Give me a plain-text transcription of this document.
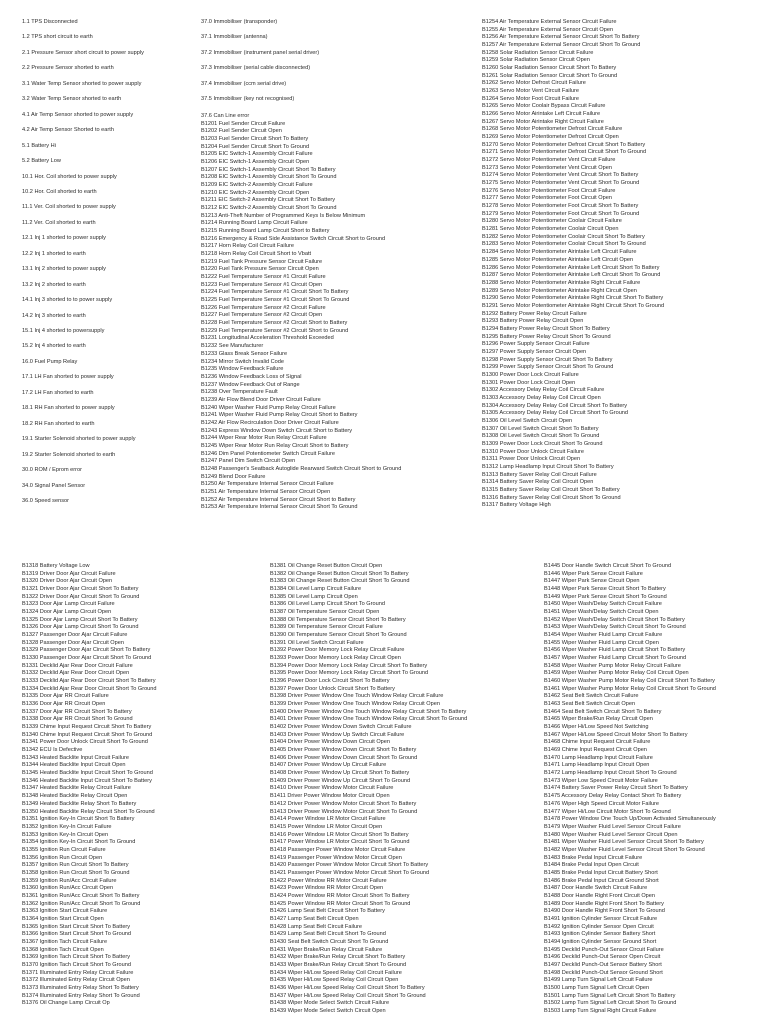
1.1 TPS Disconnected
1.2 TPS short circuit to earth
2.1 Pressure Sensor short circuit to power supply
2.2 Pressure Sensor shorted to earth
3.1 Water Temp Sensor shorted to power supply
3.2 Water Temp Sensor shorted to earth
4.1 Air Temp Sensor shorted to power supply
4.2 Air Temp Sensor Shorted to earth
5.1 Battery Hi
5.2 Battery Low
10.1 Hor. Coil shorted to power supply
10.2 Hor. Coil shorted to earth
11.1 Ver. Coil shorted to power supply
11.2 Ver. Coil shorted to earth
12.1 Inj 1 shorted to power supply
12.2 Inj 1 shorted to earth
13.1 Inj 2 shorted to power supply
13.2 Inj 2 shorted to earth
14.1 Inj 3 shorted to to power supply
14.2 Inj 3 shorted to earth
15.1 Inj 4 shorted to powersupply
15.2 Inj 4 shorted to earth
16.0 Fuel Pump Relay
17.1 LH Fan shorted to power supply
17.2 LH Fan shorted to earth
18.1 RH Fan shorted to power supply
18.2 RH Fan shorted to earth
19.1 Starter Solenoid shorted to power supply
19.2 Starter Solenoid shorted to earth
30.0 ROM / Eprom error
34.0 Signal Panel Sensor
36.0 Speed sensor
37.0 Immobiliser (transponder)
37.1 Immobiliser (antenna)
37.2 Immobiliser (instrument panel serial driver)
37.3 Immobiliser (serial cable disconnected)
37.4 Immobiliser (ccm serial drive)
37.5 Immobiliser (key not recognised)
37.6 Can Line error
B1201 Fuel Sender Circuit Failure
B1202 Fuel Sender Circuit Open
B1203 Fuel Sender Circuit Short To Battery
B1204 Fuel Sender Circuit Short To Ground
B1205 EIC Switch-1 Assembly Circuit Failure
B1206 EIC Switch-1 Assembly Circuit Open
B1207 EIC Switch-1 Assembly Circuit Short To Battery
B1208 EIC Switch-1 Assembly Circuit Short To Ground
B1209 EIC Switch-2 Assembly Circuit Failure
B1210 EIC Switch-2 Assembly Circuit Open
B1211 EIC Switch-2 Assembly Circuit Short To Battery
B1212 EIC Switch-2 Assembly Circuit Short To Ground
B1213 Anti-Theft Number of Programmed Keys Is Below Minimum
B1214 Running Board Lamp Circuit Failure
B1215 Running Board Lamp Circuit Short to Battery
B1216 Emergency & Road Side Assistance Switch Circuit Short to Ground
B1217 Horn Relay Coil Circuit Failure
B1218 Horn Relay Coil Circuit Short to Vbatt
B1219 Fuel Tank Pressure Sensor Circuit Failure
B1220 Fuel Tank Pressure Sensor Circuit Open
B1222 Fuel Temperature Sensor #1 Circuit Failure
B1223 Fuel Temperature Sensor #1 Circuit Open
B1224 Fuel Temperature Sensor #1 Circuit Short To Battery
B1225 Fuel Temperature Sensor #1 Circuit Short To Ground
B1226 Fuel Temperature Sensor #2 Circuit Failure
B1227 Fuel Temperature Sensor #2 Circuit Open
B1228 Fuel Temperature Sensor #2 Circuit Short to Battery
B1229 Fuel Temperature Sensor #2 Circuit Short to Ground
B1231 Longitudinal Acceleration Threshold Exceeded
B1232 See Manufacturer
B1233 Glass Break Sensor Failure
B1234 Mirror Switch Invalid Code
B1235 Window Feedback Failure
B1236 Window Feedback Loss of Signal
B1237 Window Feedback Out of Range
B1238 Over Temperature Fault
B1239 Air Flow Blend Door Driver Circuit Failure
B1240 Wiper Washer Fluid Pump Relay Circuit Failure
B1241 Wiper Washer Fluid Pump Relay Circuit Short to Battery
B1242 Air Flow Recirculation Door Driver Circuit Failure
B1243 Express Window Down Switch Circuit Short to Battery
B1244 Wiper Rear Motor Run Relay Circuit Failure
B1245 Wiper Rear Motor Run Relay Circuit Short to Battery
B1246 Dim Panel Potentiometer Switch Circuit Failure
B1247 Panel Dim Switch Circuit Open
B1248 Passenger's Seatback Autoglide Rearward Switch Circuit Short to Ground
B1249 Blend Door Failure
B1250 Air Temperature Internal Sensor Circuit Failure
B1251 Air Temperature Internal Sensor Circuit Open
B1252 Air Temperature Internal Sensor Circuit Short to Battery
B1253 Air Temperature Internal Sensor Circuit Short To Ground
B1254 Air Temperature External Sensor Circuit Failure
B1255 Air Temperature External Sensor Circuit Open
B1256 Air Temperature External Sensor Circuit Short To Battery
B1257 Air Temperature External Sensor Circuit Short To Ground
B1258 Solar Radiation Sensor Circuit Failure
B1259 Solar Radiation Sensor Circuit Open
B1260 Solar Radiation Sensor Circuit Short To Battery
B1261 Solar Radiation Sensor Circuit Short To Ground
B1262 Servo Motor Defrost Circuit Failure
B1263 Servo Motor Vent Circuit Failure
B1264 Servo Motor Foot Circuit Failure
B1265 Servo Motor Coolair Bypass Circuit Failure
B1266 Servo Motor Airintake Left Circuit Failure
B1267 Servo Motor Airintake Right Circuit Failure
B1268 Servo Motor Potentiometer Defrost Circuit Failure
B1269 Servo Motor Potentiometer Defrost Circuit Open
B1270 Servo Motor Potentiometer Defrost Circuit Short To Battery
B1271 Servo Motor Potentiometer Defrost Circuit Short To Ground
B1272 Servo Motor Potentiometer Vent Circuit Failure
B1273 Servo Motor Potentiometer Vent Circuit Open
B1274 Servo Motor Potentiometer Vent Circuit Short To Battery
B1275 Servo Motor Potentiometer Vent Circuit Short To Ground
B1276 Servo Motor Potentiometer Foot Circuit Failure
B1277 Servo Motor Potentiometer Foot Circuit Open
B1278 Servo Motor Potentiometer Foot Circuit Short To Battery
B1279 Servo Motor Potentiometer Foot Circuit Short To Ground
B1280 Servo Motor Potentiometer Coolair Circuit Failure
B1281 Servo Motor Potentiometer Coolair Circuit Open
B1282 Servo Motor Potentiometer Coolair Circuit Short To Battery
B1283 Servo Motor Potentiometer Coolair Circuit Short To Ground
B1284 Servo Motor Potentiometer Airintake Left Circuit Failure
B1285 Servo Motor Potentiometer Airintake Left Circuit Open
B1286 Servo Motor Potentiometer Airintake Left Circuit Short To Battery
B1287 Servo Motor Potentiometer Airintake Left Circuit Short To Ground
B1288 Servo Motor Potentiometer Airintake Right Circuit Failure
B1289 Servo Motor Potentiometer Airintake Right Circuit Open
B1290 Servo Motor Potentiometer Airintake Right Circuit Short To Battery
B1291 Servo Motor Potentiometer Airintake Right Circuit Short To Ground
B1292 Battery Power Relay Circuit Failure
B1293 Battery Power Relay Circuit Open
B1294 Battery Power Relay Circuit Short To Battery
B1295 Battery Power Relay Circuit Short To Ground
B1296 Power Supply Sensor Circuit Failure
B1297 Power Supply Sensor Circuit Open
B1298 Power Supply Sensor Circuit Short To Battery
B1299 Power Supply Sensor Circuit Short To Ground
B1300 Power Door Lock Circuit Failure
B1301 Power Door Lock Circuit Open
B1302 Accessory Delay Relay Coil Circuit Failure
B1303 Accessory Delay Relay Coil Circuit Open
B1304 Accessory Delay Relay Coil Circuit Short To Battery
B1305 Accessory Delay Relay Coil Circuit Short To Ground
B1306 Oil Level Switch Circuit Open
B1307 Oil Level Switch Circuit Short To Battery
B1308 Oil Level Switch Circuit Short To Ground
B1309 Power Door Lock Circuit Short To Ground
B1310 Power Door Unlock Circuit Failure
B1311 Power Door Unlock Circuit Open
B1312 Lamp Headlamp Input Circuit Short To Battery
B1313 Battery Saver Relay Coil Circuit Failure
B1314 Battery Saver Relay Coil Circuit Open
B1315 Battery Saver Relay Coil Circuit Short To Battery
B1316 Battery Saver Relay Coil Circuit Short To Ground
B1317 Battery Voltage High
B1318 Battery Voltage Low
B1319 Driver Door Ajar Circuit Failure
B1320 Driver Door Ajar Circuit Open
B1321 Driver Door Ajar Circuit Short To Battery
B1322 Driver Door Ajar Circuit Short To Ground
B1323 Door Ajar Lamp Circuit Failure
B1324 Door Ajar Lamp Circuit Open
B1325 Door Ajar Lamp Circuit Short To Battery
B1326 Door Ajar Lamp Circuit Short To Ground
B1327 Passenger Door Ajar Circuit Failure
B1328 Passenger Door Ajar Circuit Open
B1329 Passenger Door Ajar Circuit Short To Battery
B1330 Passenger Door Ajar Circuit Short To Ground
B1331 Decklid Ajar Rear Door Circuit Failure
B1332 Decklid Ajar Rear Door Circuit Open
B1333 Decklid Ajar Rear Door Circuit Short To Battery
B1334 Decklid Ajar Rear Door Circuit Short To Ground
B1335 Door Ajar RR Circuit Failure
B1336 Door Ajar RR Circuit Open
B1337 Door Ajar RR Circuit Short To Battery
B1338 Door Ajar RR Circuit Short To Ground
B1339 Chime Input Request Circuit Short To Battery
B1340 Chime Input Request Circuit Short To Ground
B1341 Power Door Unlock Circuit Short To Ground
B1342 ECU Is Defective
B1343 Heated Backlite Input Circuit Failure
B1344 Heated Backlite Input Circuit Open
B1345 Heated Backlite Input Circuit Short To Ground
B1346 Heated Backlite Input Circuit Short To Battery
B1347 Heated Backlite Relay Circuit Failure
B1348 Heated Backlite Relay Circuit Open
B1349 Heated Backlite Relay Short To Battery
B1350 Heated Backlite Relay Circuit Short To Ground
B1351 Ignition Key-In Circuit Short To Battery
B1352 Ignition Key-In Circuit Failure
B1353 Ignition Key-In Circuit Open
B1354 Ignition Key-In Circuit Short To Ground
B1355 Ignition Run Circuit Failure
B1356 Ignition Run Circuit Open
B1357 Ignition Run Circuit Short To Battery
B1358 Ignition Run Circuit Short To Ground
B1359 Ignition Run/Acc Circuit Failure
B1360 Ignition Run/Acc Circuit Open
B1361 Ignition Run/Acc Circuit Short To Battery
B1362 Ignition Run/Acc Circuit Short To Ground
B1363 Ignition Start Circuit Failure
B1364 Ignition Start Circuit Open
B1365 Ignition Start Circuit Short To Battery
B1366 Ignition Start Circuit Short To Ground
B1367 Ignition Tach Circuit Failure
B1368 Ignition Tach Circuit Open
B1369 Ignition Tach Circuit Short To Battery
B1370 Ignition Tach Circuit Short To Ground
B1371 Illuminated Entry Relay Circuit Failure
B1372 Illuminated Entry Relay Circuit Open
B1373 Illuminated Entry Relay Short To Battery
B1374 Illuminated Entry Relay Short To Ground
B1376 Oil Change Lamp Circuit Op
B1381 Oil Change Reset Button Circuit Open
B1382 Oil Change Reset Button Circuit Short To Battery
B1383 Oil Change Reset Button Circuit Short To Ground
B1384 Oil Level Lamp Circuit Failure
B1385 Oil Level Lamp Circuit Open
B1386 Oil Level Lamp Circuit Short To Ground
B1387 Oil Temperature Sensor Circuit Open
B1388 Oil Temperature Sensor Circuit Short To Battery
B1389 Oil Temperature Sensor Circuit Failure
B1390 Oil Temperature Sensor Circuit Short To Ground
B1391 Oil Level Switch Circuit Failure
B1392 Power Door Memory Lock Relay Circuit Failure
B1393 Power Door Memory Lock Relay Circuit Open
B1394 Power Door Memory Lock Relay Circuit Short To Battery
B1395 Power Door Memory Lock Relay Circuit Short To Ground
B1396 Power Door Lock Circuit Short To Battery
B1397 Power Door Unlock Circuit Short To Battery
B1398 Driver Power Window One Touch Window Relay Circuit Failure
B1399 Driver Power Window One Touch Window Relay Circuit Open
B1400 Driver Power Window One Touch Window Relay Circuit Short To Battery
B1401 Driver Power Window One Touch Window Relay Circuit Short To Ground
B1402 Driver Power Window Down Switch Circuit Failure
B1403 Driver Power Window Up Switch Circuit Failure
B1404 Driver Power Window Down Circuit Open
B1405 Driver Power Window Down Circuit Short To Battery
B1406 Driver Power Window Down Circuit Short To Ground
B1407 Driver Power Window Up Circuit Failure
B1408 Driver Power Window Up Circuit Short To Battery
B1409 Driver Power Window Up Circuit Short To Ground
B1410 Driver Power Window Motor Circuit Failure
B1411 Driver Power Window Motor Circuit Open
B1412 Driver Power Window Motor Circuit Short To Battery
B1413 Driver Power Window Motor Circuit Short To Ground
B1414 Power Window LR Motor Circuit Failure
B1415 Power Window LR Motor Circuit Open
B1416 Power Window LR Motor Circuit Short To Battery
B1417 Power Window LR Motor Circuit Short To Ground
B1418 Passenger Power Window Motor Circuit Failure
B1419 Passenger Power Window Motor Circuit Open
B1420 Passenger Power Window Motor Circuit Short To Battery
B1421 Passenger Power Window Motor Circuit Short To Ground
B1422 Power Window RR Motor Circuit Failure
B1423 Power Window RR Motor Circuit Open
B1424 Power Window RR Motor Circuit Short To Battery
B1425 Power Window RR Motor Circuit Short To Ground
B1426 Lamp Seat Belt Circuit Short To Battery
B1427 Lamp Seat Belt Circuit Open
B1428 Lamp Seat Belt Circuit Failure
B1429 Lamp Seat Belt Circuit Short To Ground
B1430 Seat Belt Switch Circuit Short To Ground
B1431 Wiper Brake/Run Relay Circuit Failure
B1432 Wiper Brake/Run Relay Circuit Short To Battery
B1433 Wiper Brake/Run Relay Circuit Short To Ground
B1434 Wiper Hi/Low Speed Relay Coil Circuit Failure
B1435 Wiper Hi/Low Speed Relay Coil Circuit Open
B1436 Wiper Hi/Low Speed Relay Coil Circuit Short To Battery
B1437 Wiper Hi/Low Speed Relay Coil Circuit Short To Ground
B1438 Wiper Mode Select Switch Circuit Failure
B1439 Wiper Mode Select Switch Circuit Open
B1445 Door Handle Switch Circuit Short To Ground
B1446 Wiper Park Sense Circuit Failure
B1447 Wiper Park Sense Circuit Open
B1448 Wiper Park Sense Circuit Short To Battery
B1449 Wiper Park Sense Circuit Short To Ground
B1450 Wiper Wash/Delay Switch Circuit Failure
B1451 Wiper Wash/Delay Switch Circuit Open
B1452 Wiper Wash/Delay Switch Circuit Short To Battery
B1453 Wiper Wash/Delay Switch Circuit Short To Ground
B1454 Wiper Washer Fluid Lamp Circuit Failure
B1455 Wiper Washer Fluid Lamp Circuit Open
B1456 Wiper Washer Fluid Lamp Circuit Short To Battery
B1457 Wiper Washer Fluid Lamp Circuit Short To Ground
B1458 Wiper Washer Pump Motor Relay Circuit Failure
B1459 Wiper Washer Pump Motor Relay Coil Circuit Open
B1460 Wiper Washer Pump Motor Relay Coil Circuit Short To Battery
B1461 Wiper Washer Pump Motor Relay Coil Circuit Short To Ground
B1462 Seat Belt Switch Circuit Failure
B1463 Seat Belt Switch Circuit Open
B1464 Seat Belt Switch Circuit Short To Battery
B1465 Wiper Brake/Run Relay Circuit Open
B1466 Wiper Hi/Low Speed Not Switching
B1467 Wiper Hi/Low Speed Circuit Motor Short To Battery
B1468 Chime Input Request Circuit Failure
B1469 Chime Input Request Circuit Open
B1470 Lamp Headlamp Input Circuit Failure
B1471 Lamp Headlamp Input Circuit Open
B1472 Lamp Headlamp Input Circuit Short To Ground
B1473 Wiper Low Speed Circuit Motor Failure
B1474 Battery Saver Power Relay Circuit Short To Battery
B1475 Accessory Delay Relay Contact Short To Battery
B1476 Wiper High Speed Circuit Motor Failure
B1477 Wiper Hi/Low Circuit Motor Short To Ground
B1478 Power Window One Touch Up/Down Activated Simultaneously
B1479 Wiper Washer Fluid Level Sensor Circuit Failure
B1480 Wiper Washer Fluid Level Sensor Circuit Open
B1481 Wiper Washer Fluid Level Sensor Circuit Short To Battery
B1482 Wiper Washer Fluid Level Sensor Circuit Short To Ground
B1483 Brake Pedal Input Circuit Failure
B1484 Brake Pedal Input Open Circuit
B1485 Brake Pedal Input Circuit Battery Short
B1486 Brake Pedal Input Circuit Ground Short
B1487 Door Handle Switch Circuit Failure
B1488 Door Handle Right Front Circuit Open
B1489 Door Handle Right Front Short To Battery
B1490 Door Handle Right Front Short To Ground
B1491 Ignition Cylinder Sensor Circuit Failure
B1492 Ignition Cylinder Sensor Open Circuit
B1493 Ignition Cylinder Sensor Battery Short
B1494 Ignition Cylinder Sensor Ground Short
B1495 Decklid Punch-Out Sensor Circuit Failure
B1496 Decklid Punch-Out Sensor Open Circuit
B1497 Decklid Punch-Out Sensor Battery Short
B1498 Decklid Punch-Out Sensor Ground Short
B1499 Lamp Turn Signal Left Circuit Failure
B1500 Lamp Turn Signal Left Circuit Open
B1501 Lamp Turn Signal Left Circuit Short To Battery
B1502 Lamp Turn Signal Left Circuit Short To Ground
B1503 Lamp Turn Signal Right Circuit Failure
